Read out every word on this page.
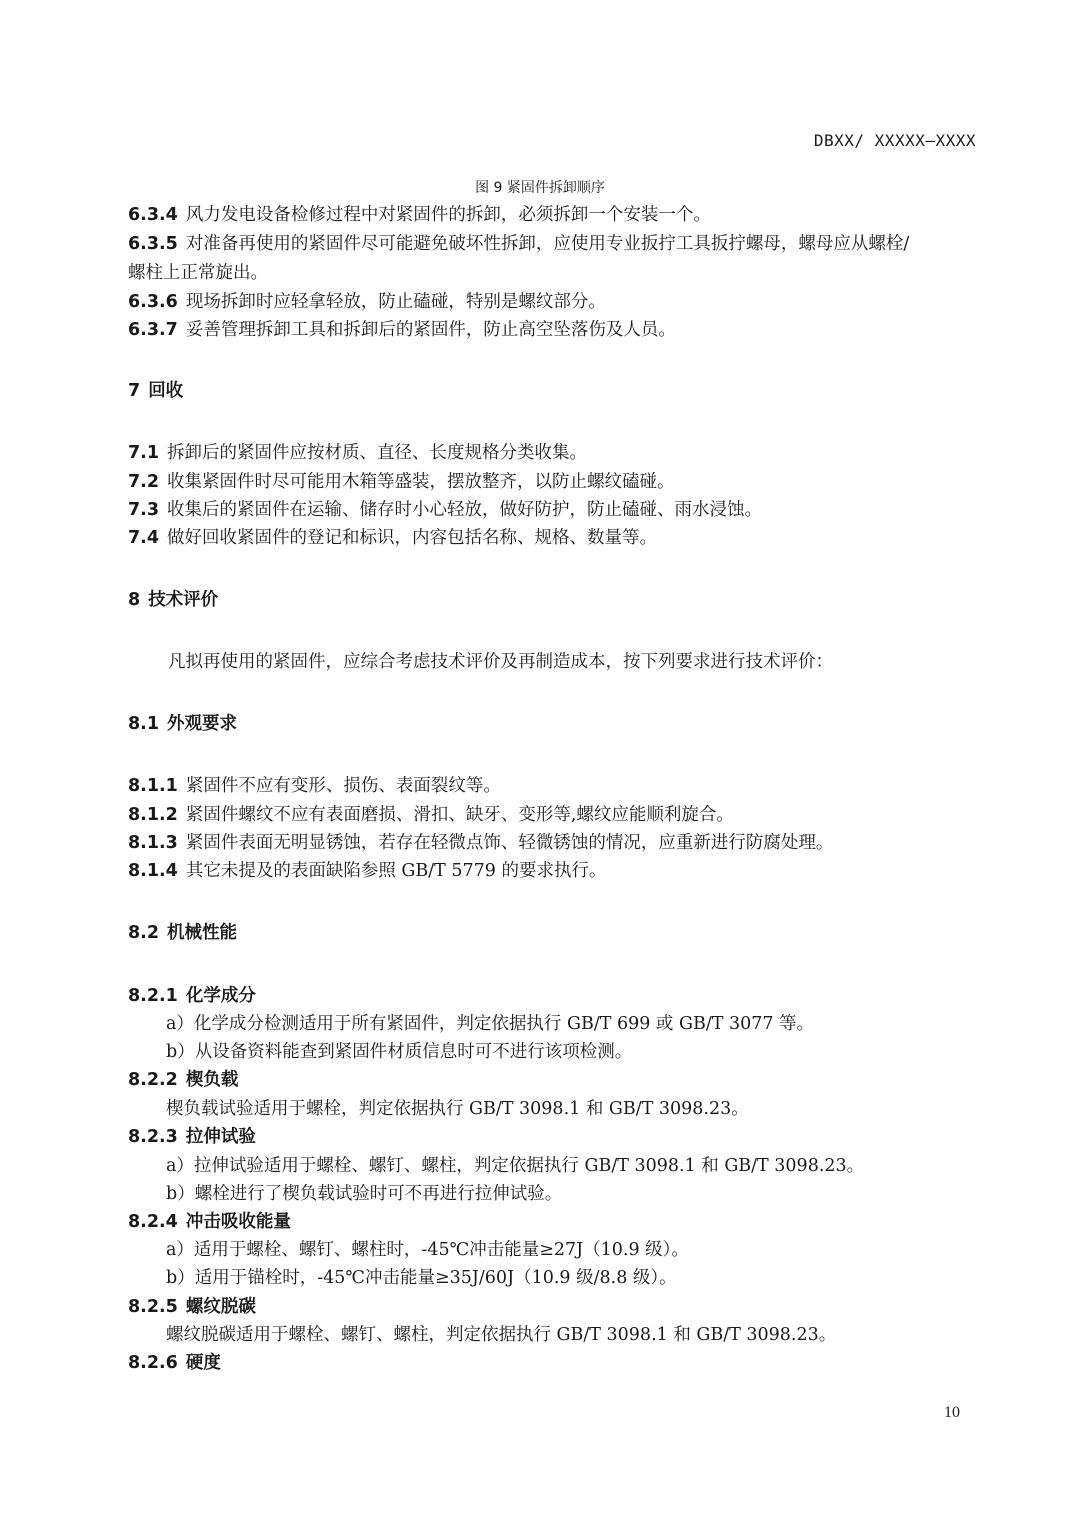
DBXX/ XXXXX—XXXX
图 9 紧固件拆卸顺序
6.3.4 风力发电设备检修过程中对紧固件的拆卸，必须拆卸一个安装一个。
6.3.5 对准备再使用的紧固件尽可能避免破坏性拆卸，应使用专业扳拧工具扳拧螺母，螺母应从螺栓/
螺柱上正常旋出。
6.3.6 现场拆卸时应轻拿轻放，防止磕碰，特别是螺纹部分。
6.3.7 妥善管理拆卸工具和拆卸后的紧固件，防止高空坠落伤及人员。
7 回收
7.1 拆卸后的紧固件应按材质、直径、长度规格分类收集。
7.2 收集紧固件时尽可能用木箱等盛装，摆放整齐，以防止螺纹磕碰。
7.3 收集后的紧固件在运输、储存时小心轻放，做好防护，防止磕碰、雨水浸蚀。
7.4 做好回收紧固件的登记和标识，内容包括名称、规格、数量等。
8 技术评价
凡拟再使用的紧固件，应综合考虑技术评价及再制造成本，按下列要求进行技术评价：
8.1 外观要求
8.1.1 紧固件不应有变形、损伤、表面裂纹等。
8.1.2 紧固件螺纹不应有表面磨损、滑扣、缺牙、变形等,螺纹应能顺利旋合。
8.1.3 紧固件表面无明显锈蚀，若存在轻微点饰、轻微锈蚀的情况，应重新进行防腐处理。
8.1.4 其它未提及的表面缺陷参照 GB/T 5779 的要求执行。
8.2 机械性能
8.2.1 化学成分
a）化学成分检测适用于所有紧固件，判定依据执行 GB/T 699 或 GB/T 3077 等。
b）从设备资料能查到紧固件材质信息时可不进行该项检测。
8.2.2 楔负载
楔负载试验适用于螺栓，判定依据执行 GB/T 3098.1 和 GB/T 3098.23。
8.2.3 拉伸试验
a）拉伸试验适用于螺栓、螺钉、螺柱，判定依据执行 GB/T 3098.1 和 GB/T 3098.23。
b）螺栓进行了楔负载试验时可不再进行拉伸试验。
8.2.4 冲击吸收能量
a）适用于螺栓、螺钉、螺柱时，-45℃冲击能量≥27J（10.9 级）。
b）适用于锚栓时，-45℃冲击能量≥35J/60J（10.9 级/8.8 级）。
8.2.5 螺纹脱碳
螺纹脱碳适用于螺栓、螺钉、螺柱，判定依据执行 GB/T 3098.1 和 GB/T 3098.23。
8.2.6 硬度
10
